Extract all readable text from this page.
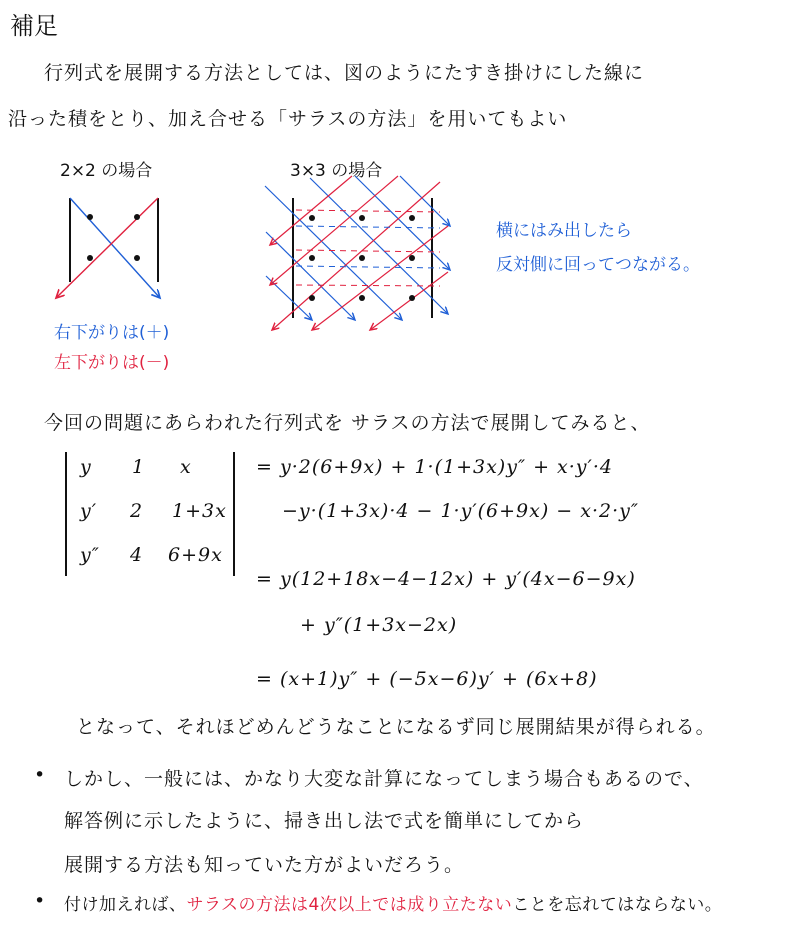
補足
行列式を展開する方法としては、図のようにたすき掛けにした線に
沿った積をとり、加え合せる「サラスの方法」を用いてもよい
2×2 の場合	3×3 の場合
右下がりは(＋)
左下がりは(－)
横にはみ出したら
反対側に回ってつながる。
今回の問題にあらわれた行列式を サラスの方法で展開してみると、
y 1 x
y′ 2 1+3x
y″ 4 6+9x
= y·2(6+9x) + 1·(1+3x)y″ + x·y′·4
−y·(1+3x)·4 − 1·y′(6+9x) − x·2·y″
= y(12+18x−4−12x) + y′(4x−6−9x)
+ y″(1+3x−2x)
= (x+1)y″ + (−5x−6)y′ + (6x+8)
となって、それほどめんどうなことになるず同じ展開結果が得られる。
• しかし、一般には、かなり大変な計算になってしまう場合もあるので、
解答例に示したように、掃き出し法で式を簡単にしてから
展開する方法も知っていた方がよいだろう。
• 付け加えれば、サラスの方法は4次以上では成り立たないことを忘れてはならない。
